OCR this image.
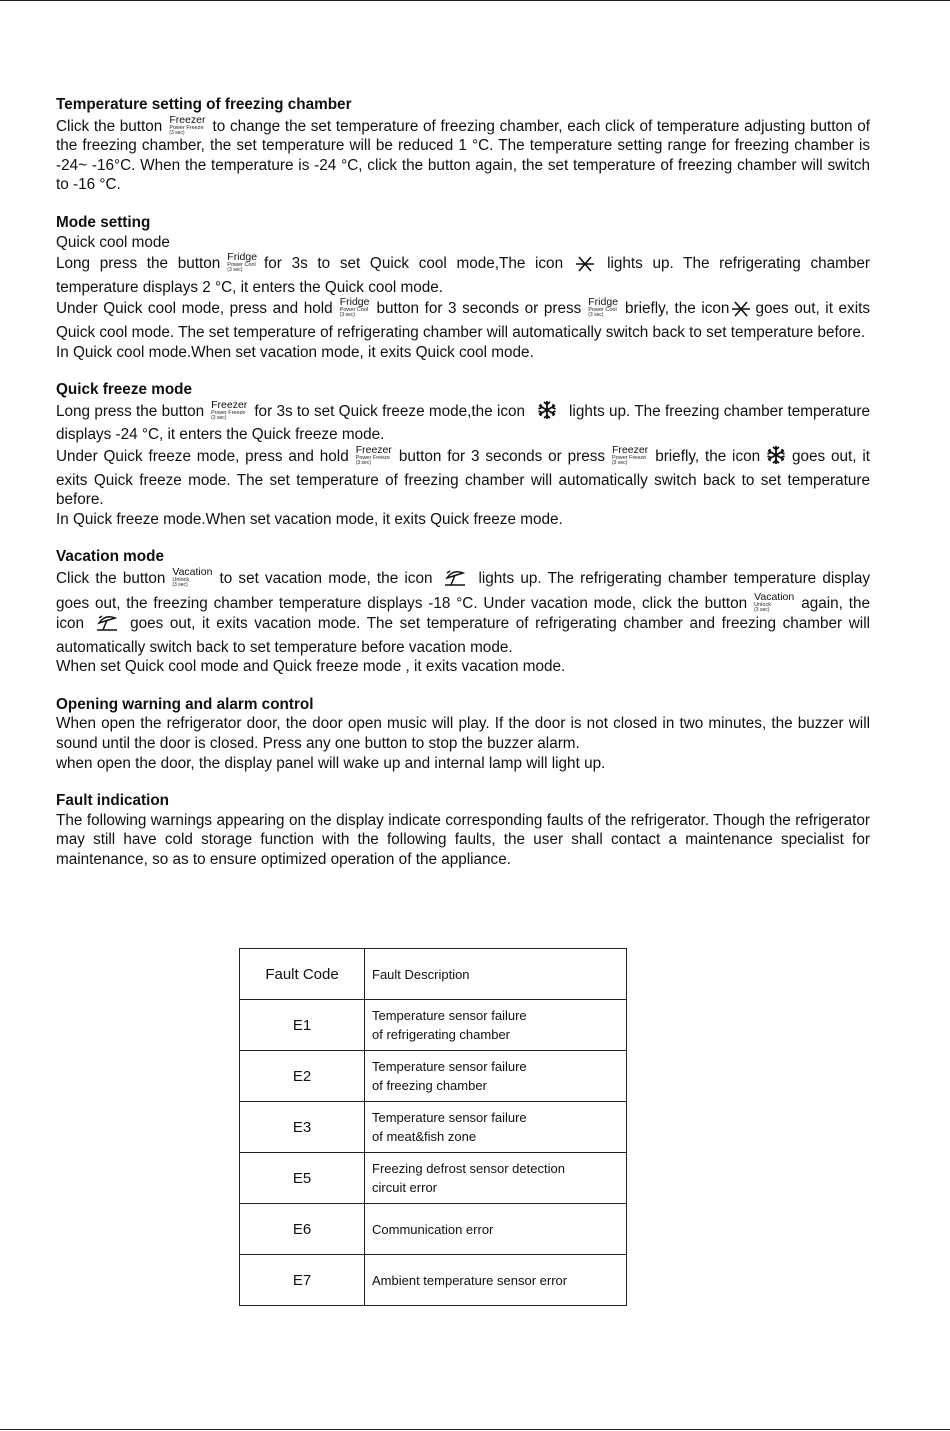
Temperature setting of freezing chamber

Click the button Freezer
Power Freeze
(3 sec)	to change the set temperature of freezing chamber, each click of temperature adjusting button of the freezing chamber, the set temperature will be reduced 1 °C. The temperature setting range for freezing chamber is -24~ -16°C. When the temperature is -24 °C, click the button again, the set temperature of freezing chamber will switch to -16 °C.

Mode setting

Quick cool mode

Long press the button Fridge
Power Cool
(3 sec)	for 3s to set Quick cool mode,The icon	lights up. The refrigerating chamber temperature displays 2 °C, it enters the Quick cool mode.

Under Quick cool mode, press and hold Fridge
Power Cool
(3 sec)	button for 3 seconds or press Fridge
Power Cool
(3 sec)	briefly, the icon goes out, it exits Quick cool mode. The set temperature of refrigerating chamber will automatically switch back to set temperature before.

In Quick cool mode.When set vacation mode, it exits Quick cool mode.

Quick freeze mode

Long press the button Freezer
Power Freeze
(3 sec)	for 3s to set Quick freeze mode,the icon	lights up. The freezing chamber temperature displays -24 °C, it enters the Quick freeze mode.

Under Quick freeze mode, press and hold Freezer
Power Freeze
(3 sec)	button for 3 seconds or press Freezer
Power Freeze
(3 sec)	briefly, the icon goes out, it exits Quick freeze mode. The set temperature of freezing chamber will automatically switch back to set temperature before.

In Quick freeze mode.When set vacation mode, it exits Quick freeze mode.

Vacation mode

Click the button Vacation
Unlock
(3 sec)	to set vacation mode, the icon	lights up. The refrigerating chamber temperature display goes out, the freezing chamber temperature displays -18 °C. Under vacation mode, click the button Vacation
Unlock
(3 sec)	again, the icon	goes out, it exits vacation mode. The set temperature of refrigerating chamber and freezing chamber will automatically switch back to set temperature before vacation mode.

When set Quick cool mode and Quick freeze mode , it exits vacation mode.

Opening warning and alarm control

When open the refrigerator door, the door open music will play. If the door is not closed in two minutes, the buzzer will sound until the door is closed. Press any one button to stop the buzzer alarm.

when open the door, the display panel will wake up and internal lamp will light up.

Fault indication

The following warnings appearing on the display indicate corresponding faults of the refrigerator. Though the refrigerator may still have cold storage function with the following faults, the user shall contact a maintenance specialist for maintenance, so as to ensure optimized operation of the appliance.

Fault Code	Fault Description
E1	Temperature sensor failure
of refrigerating chamber
E2	Temperature sensor failure
of freezing chamber
E3	Temperature sensor failure
of meat&fish zone
E5	Freezing defrost sensor detection
circuit error
E6	Communication error
E7	Ambient temperature sensor error
